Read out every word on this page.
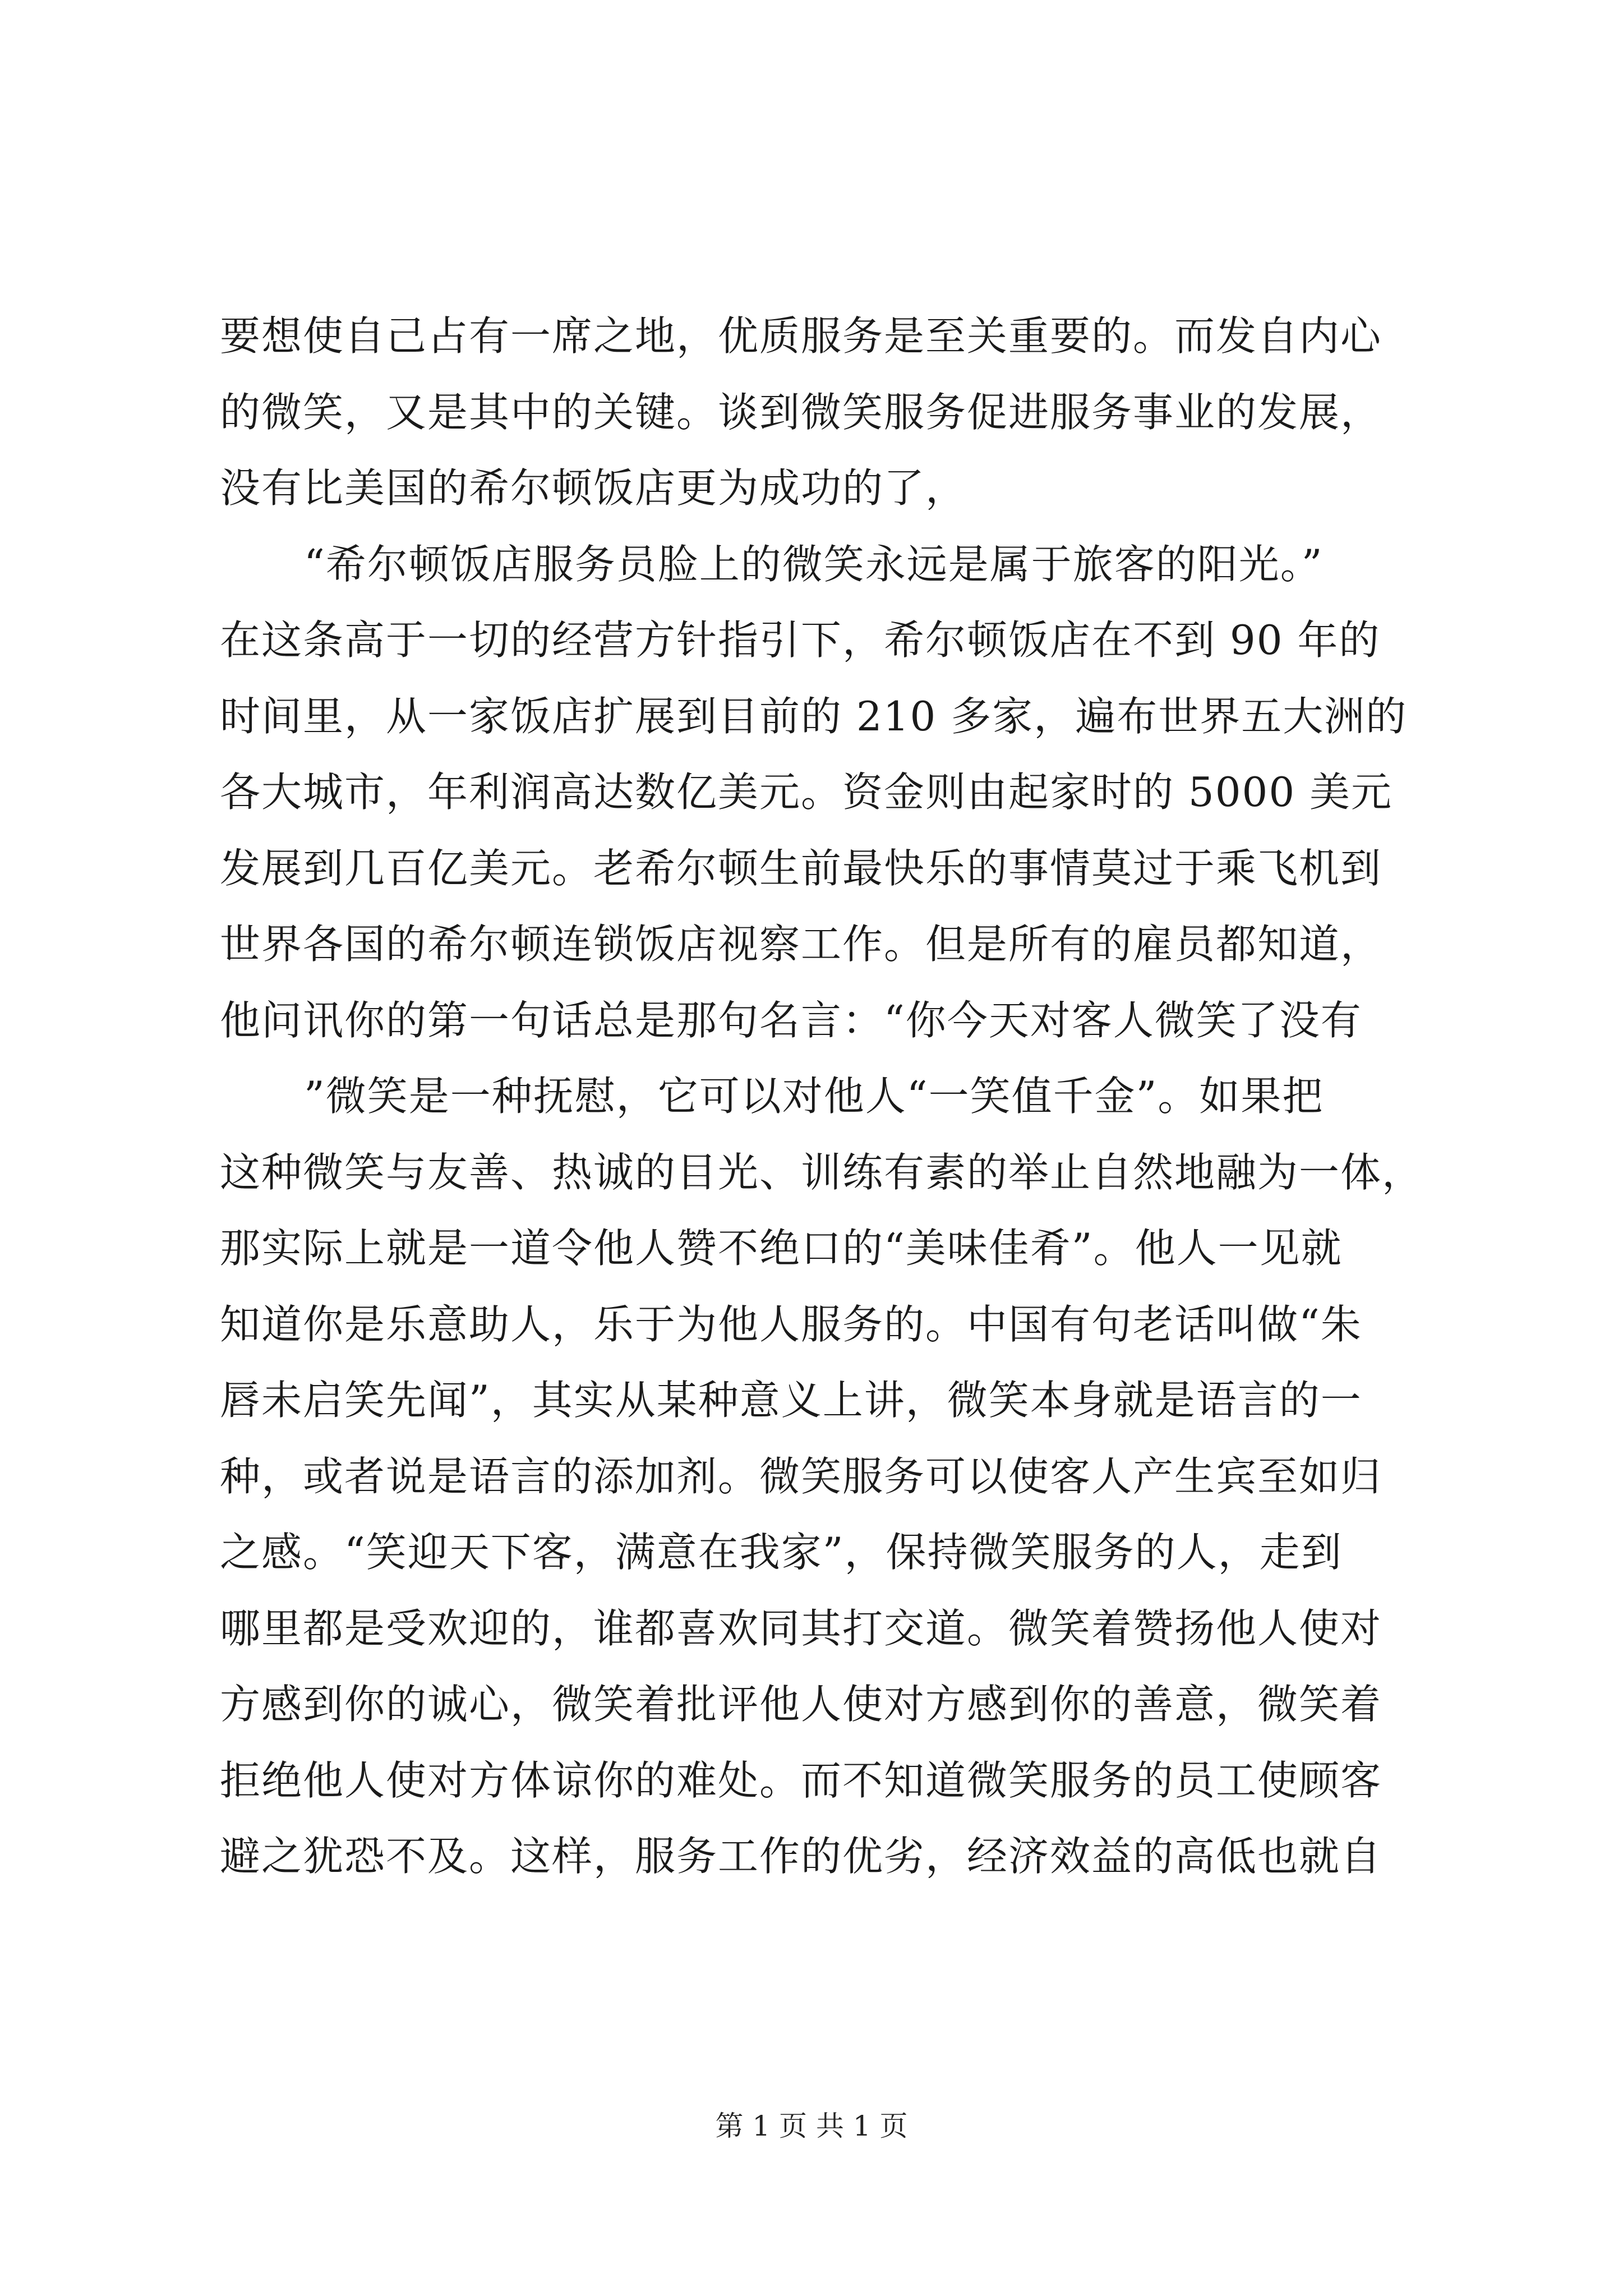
要想使自己占有一席之地，优质服务是至关重要的。而发自内心
的微笑，又是其中的关键。谈到微笑服务促进服务事业的发展，
没有比美国的希尔顿饭店更为成功的了，
“希尔顿饭店服务员脸上的微笑永远是属于旅客的阳光。”
在这条高于一切的经营方针指引下，希尔顿饭店在不到 90 年的
时间里，从一家饭店扩展到目前的 210 多家，遍布世界五大洲的
各大城市，年利润高达数亿美元。资金则由起家时的 5000 美元
发展到几百亿美元。老希尔顿生前最快乐的事情莫过于乘飞机到
世界各国的希尔顿连锁饭店视察工作。但是所有的雇员都知道，
他问讯你的第一句话总是那句名言：“你今天对客人微笑了没有
”微笑是一种抚慰，它可以对他人“一笑值千金”。如果把
这种微笑与友善、热诚的目光、训练有素的举止自然地融为一体，
那实际上就是一道令他人赞不绝口的“美味佳肴”。他人一见就
知道你是乐意助人，乐于为他人服务的。中国有句老话叫做“朱
唇未启笑先闻”，其实从某种意义上讲，微笑本身就是语言的一
种，或者说是语言的添加剂。微笑服务可以使客人产生宾至如归
之感。“笑迎天下客，满意在我家”，保持微笑服务的人，走到
哪里都是受欢迎的，谁都喜欢同其打交道。微笑着赞扬他人使对
方感到你的诚心，微笑着批评他人使对方感到你的善意，微笑着
拒绝他人使对方体谅你的难处。而不知道微笑服务的员工使顾客
避之犹恐不及。这样，服务工作的优劣，经济效益的高低也就自
第 1 页 共 1 页
